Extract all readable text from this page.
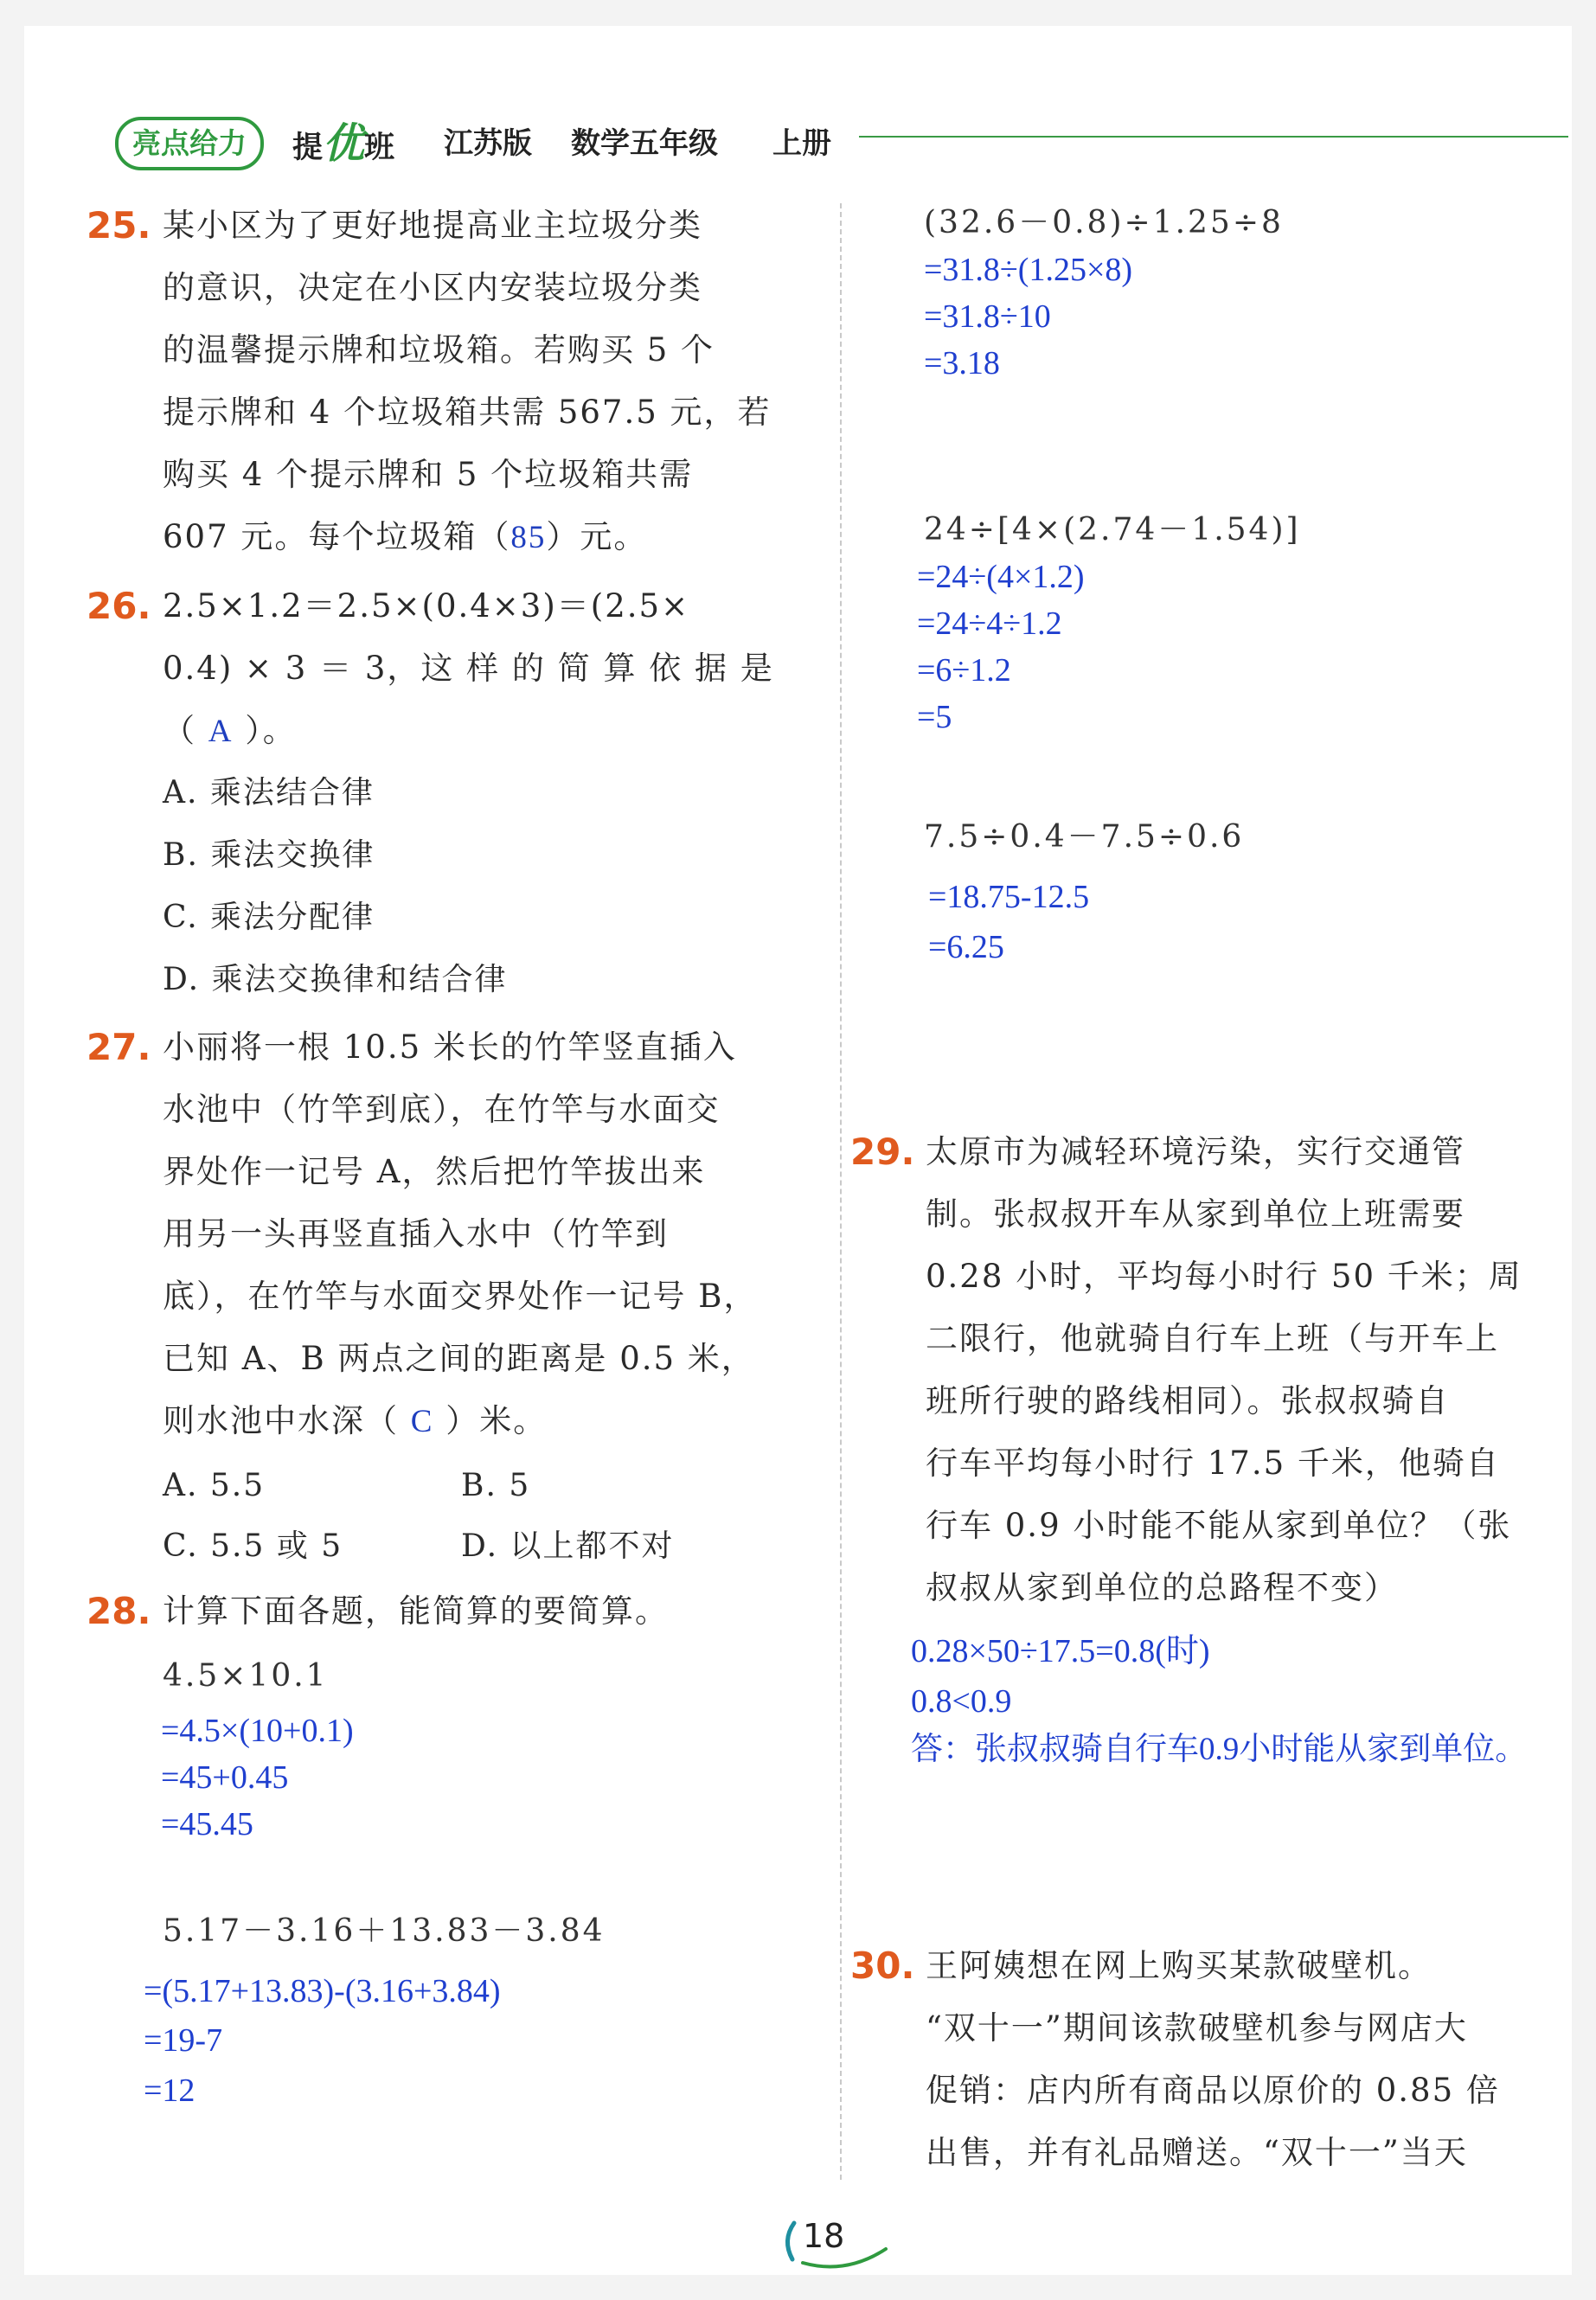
亮点给力	提优班 江苏版 数学五年级 上册
25. 某小区为了更好地提高业主垃圾分类
的意识，决定在小区内安装垃圾分类
的温馨提示牌和垃圾箱。若购买 5 个
提示牌和 4 个垃圾箱共需 567.5 元，若
购买 4 个提示牌和 5 个垃圾箱共需
607 元。每个垃圾箱（85）元。
26. 2.5×1.2＝2.5×(0.4×3)＝(2.5×
0.4) × 3 ＝ 3，这 样 的 简 算 依 据 是
（ A ）。
A. 乘法结合律
B. 乘法交换律
C. 乘法分配律
D. 乘法交换律和结合律
27. 小丽将一根 10.5 米长的竹竿竖直插入
水池中（竹竿到底），在竹竿与水面交
界处作一记号 A，然后把竹竿拔出来
用另一头再竖直插入水中（竹竿到
底），在竹竿与水面交界处作一记号 B，
已知 A、B 两点之间的距离是 0.5 米，
则水池中水深（ C ）米。
A. 5.5	B. 5
C. 5.5 或 5	D. 以上都不对
28. 计算下面各题，能简算的要简算。
4.5×10.1
=4.5×(10+0.1)
=45+0.45
=45.45
5.17－3.16＋13.83－3.84
=(5.17+13.83)-(3.16+3.84)
=19-7
=12
(32.6－0.8)÷1.25÷8
=31.8÷(1.25×8)
=31.8÷10
=3.18
24÷[4×(2.74－1.54)]
=24÷(4×1.2)
=24÷4÷1.2
=6÷1.2
=5
7.5÷0.4－7.5÷0.6
=18.75-12.5
=6.25
29. 太原市为减轻环境污染，实行交通管
制。张叔叔开车从家到单位上班需要
0.28 小时，平均每小时行 50 千米；周
二限行，他就骑自行车上班（与开车上
班所行驶的路线相同）。张叔叔骑自
行车平均每小时行 17.5 千米，他骑自
行车 0.9 小时能不能从家到单位？（张
叔叔从家到单位的总路程不变）
0.28×50÷17.5=0.8(时)
0.8<0.9
答：张叔叔骑自行车0.9小时能从家到单位。
30. 王阿姨想在网上购买某款破壁机。
“双十一”期间该款破壁机参与网店大
促销：店内所有商品以原价的 0.85 倍
出售，并有礼品赠送。“双十一”当天
18
